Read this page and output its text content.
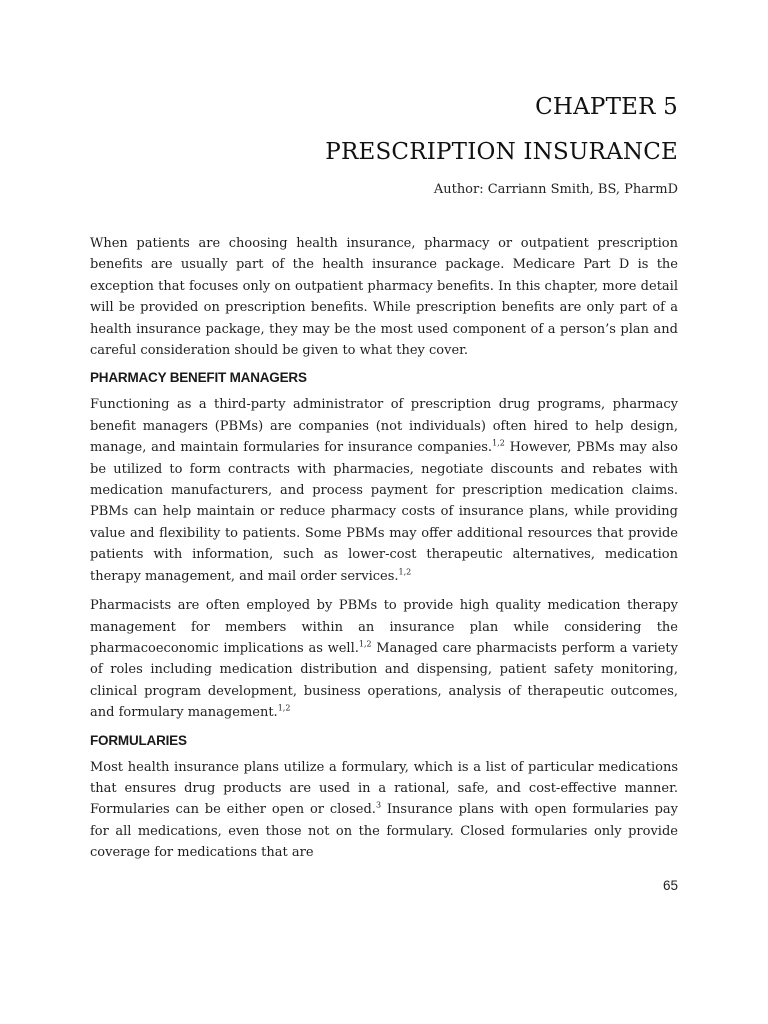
CHAPTER 5
PRESCRIPTION INSURANCE
Author: Carriann Smith, BS, PharmD

When patients are choosing health insurance, pharmacy or outpatient prescription benefits are usually part of the health insurance package. Medicare Part D is the exception that focuses only on outpatient pharmacy benefits. In this chapter, more detail will be provided on prescription benefits. While prescription benefits are only part of a health insurance package, they may be the most used component of a person’s plan and careful consideration should be given to what they cover.

PHARMACY BENEFIT MANAGERS

Functioning as a third-party administrator of prescription drug programs, pharmacy benefit managers (PBMs) are companies (not individuals) often hired to help design, manage, and maintain formularies for insurance companies.$^{1,2}$ However, PBMs may also be utilized to form contracts with pharmacies, negotiate discounts and rebates with medication manufacturers, and process payment for prescription medication claims. PBMs can help maintain or reduce pharmacy costs of insurance plans, while providing value and flexibility to patients. Some PBMs may offer additional resources that provide patients with information, such as lower-cost therapeutic alternatives, medication therapy management, and mail order services.$^{1,2}$

Pharmacists are often employed by PBMs to provide high quality medication therapy management for members within an insurance plan while considering the pharmacoeconomic implications as well.$^{1,2}$ Managed care pharmacists perform a variety of roles including medication distribution and dispensing, patient safety monitoring, clinical program development, business operations, analysis of therapeutic outcomes, and formulary management.$^{1,2}$

FORMULARIES

Most health insurance plans utilize a formulary, which is a list of particular medications that ensures drug products are used in a rational, safe, and cost-effective manner. Formularies can be either open or closed.$^3$ Insurance plans with open formularies pay for all medications, even those not on the formulary. Closed formularies only provide coverage for medications that are

65
